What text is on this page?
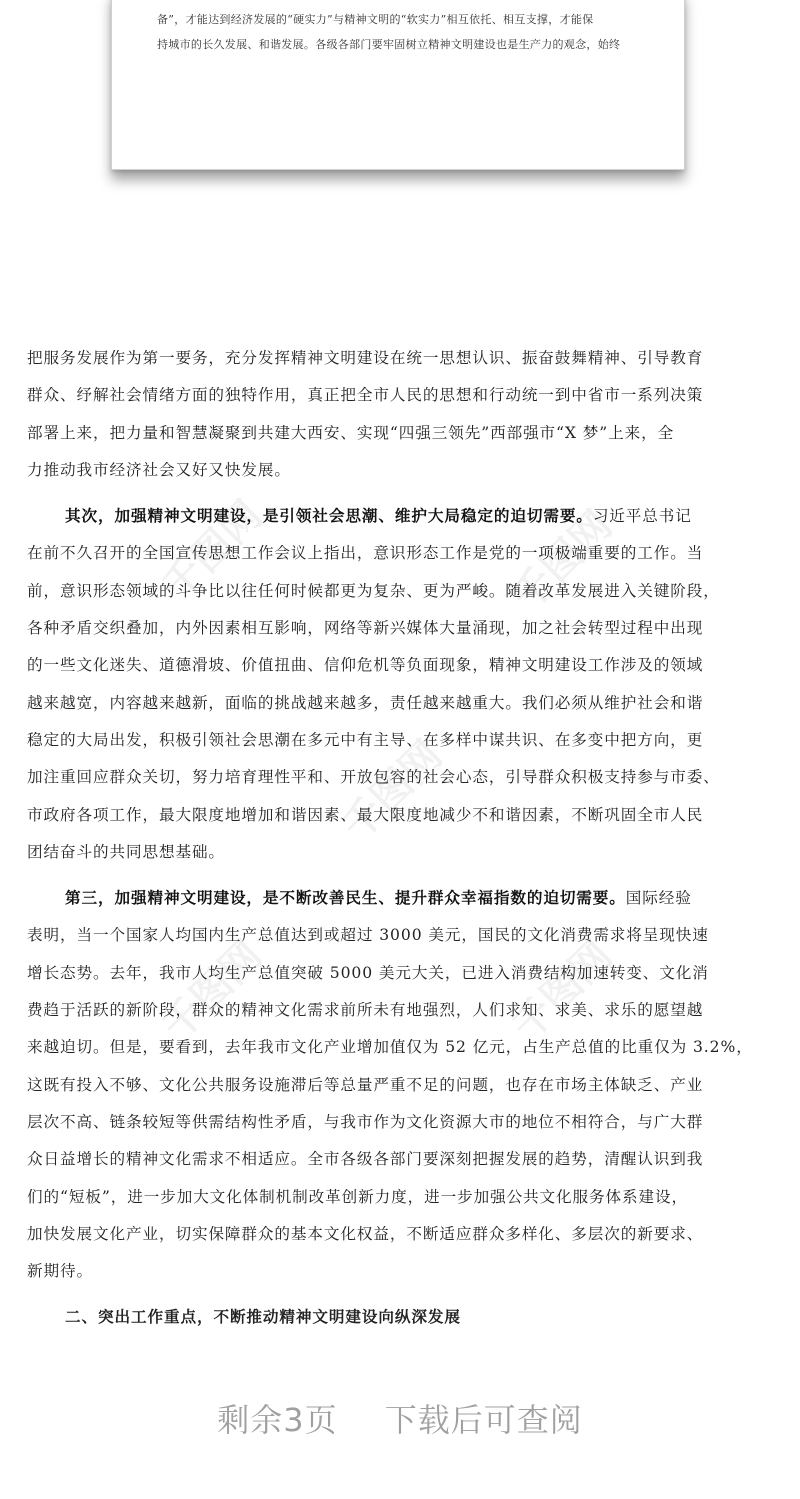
备”，才能达到经济发展的“硬实力”与精神文明的“软实力”相互依托、相互支撑，才能保

持城市的长久发展、和谐发展。各级各部门要牢固树立精神文明建设也是生产力的观念，始终

千图网	千图网
千图网
千图网	千图网
把服务发展作为第一要务，充分发挥精神文明建设在统一思想认识、振奋鼓舞精神、引导教育
群众、纾解社会情绪方面的独特作用，真正把全市人民的思想和行动统一到中省市一系列决策
部署上来，把力量和智慧凝聚到共建大西安、实现“四强三领先”西部强市“X 梦”上来，全
力推动我市经济社会又好又快发展。
其次，加强精神文明建设，是引领社会思潮、维护大局稳定的迫切需要。习近平总书记
在前不久召开的全国宣传思想工作会议上指出，意识形态工作是党的一项极端重要的工作。当
前，意识形态领域的斗争比以往任何时候都更为复杂、更为严峻。随着改革发展进入关键阶段，
各种矛盾交织叠加，内外因素相互影响，网络等新兴媒体大量涌现，加之社会转型过程中出现
的一些文化迷失、道德滑坡、价值扭曲、信仰危机等负面现象，精神文明建设工作涉及的领域
越来越宽，内容越来越新，面临的挑战越来越多，责任越来越重大。我们必须从维护社会和谐
稳定的大局出发，积极引领社会思潮在多元中有主导、在多样中谋共识、在多变中把方向，更
加注重回应群众关切，努力培育理性平和、开放包容的社会心态，引导群众积极支持参与市委、
市政府各项工作，最大限度地增加和谐因素、最大限度地减少不和谐因素，不断巩固全市人民
团结奋斗的共同思想基础。
第三，加强精神文明建设，是不断改善民生、提升群众幸福指数的迫切需要。国际经验
表明，当一个国家人均国内生产总值达到或超过 3000 美元，国民的文化消费需求将呈现快速
增长态势。去年，我市人均生产总值突破 5000 美元大关，已进入消费结构加速转变、文化消
费趋于活跃的新阶段，群众的精神文化需求前所未有地强烈，人们求知、求美、求乐的愿望越
来越迫切。但是，要看到，去年我市文化产业增加值仅为 52 亿元，占生产总值的比重仅为 3.2%，
这既有投入不够、文化公共服务设施滞后等总量严重不足的问题，也存在市场主体缺乏、产业
层次不高、链条较短等供需结构性矛盾，与我市作为文化资源大市的地位不相符合，与广大群
众日益增长的精神文化需求不相适应。全市各级各部门要深刻把握发展的趋势，清醒认识到我
们的“短板”，进一步加大文化体制机制改革创新力度，进一步加强公共文化服务体系建设，
加快发展文化产业，切实保障群众的基本文化权益，不断适应群众多样化、多层次的新要求、
新期待。

二、突出工作重点，不断推动精神文明建设向纵深发展

剩余3页 下载后可查阅
